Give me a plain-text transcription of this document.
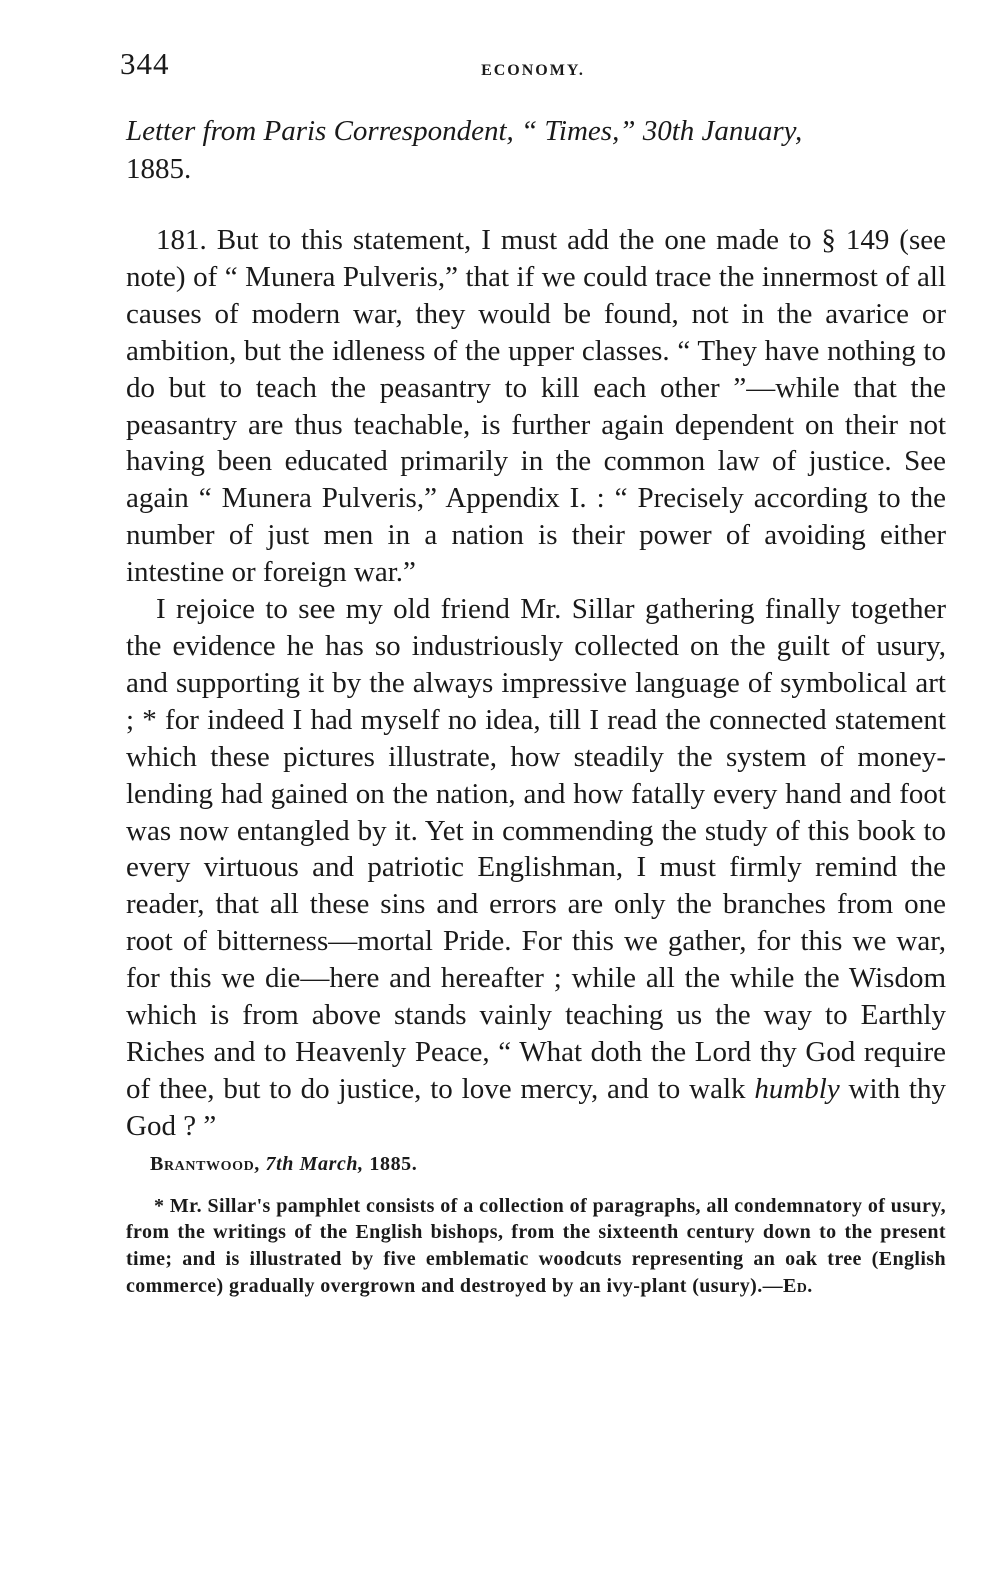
344	ECONOMY.
Letter from Paris Correspondent, “ Times,” 30th January,
1885.

181. But to this statement, I must add the one made to § 149 (see note) of “ Munera Pulveris,” that if we could trace the innermost of all causes of modern war, they would be found, not in the avarice or ambition, but the idleness of the upper classes. “ They have nothing to do but to teach the peasantry to kill each other ”—while that the peasantry are thus teachable, is further again dependent on their not having been educated primarily in the common law of justice. See again “ Munera Pulveris,” Appendix I. : “ Precisely according to the number of just men in a nation is their power of avoiding either intestine or foreign war.”

I rejoice to see my old friend Mr. Sillar gathering finally together the evidence he has so industriously collected on the guilt of usury, and supporting it by the always impressive language of symbolical art ; * for indeed I had myself no idea, till I read the connected statement which these pictures illustrate, how steadily the system of money-lending had gained on the nation, and how fatally every hand and foot was now entangled by it. Yet in commending the study of this book to every virtuous and patriotic Englishman, I must firmly remind the reader, that all these sins and errors are only the branches from one root of bitterness—mortal Pride. For this we gather, for this we war, for this we die—here and hereafter ; while all the while the Wisdom which is from above stands vainly teaching us the way to Earthly Riches and to Heavenly Peace, “ What doth the Lord thy God require of thee, but to do justice, to love mercy, and to walk humbly with thy God ? ”

Brantwood, 7th March, 1885.

* Mr. Sillar's pamphlet consists of a collection of paragraphs, all condemnatory of usury, from the writings of the English bishops, from the sixteenth century down to the present time; and is illustrated by five emblematic woodcuts representing an oak tree (English commerce) gradually overgrown and destroyed by an ivy-plant (usury).—Ed.
